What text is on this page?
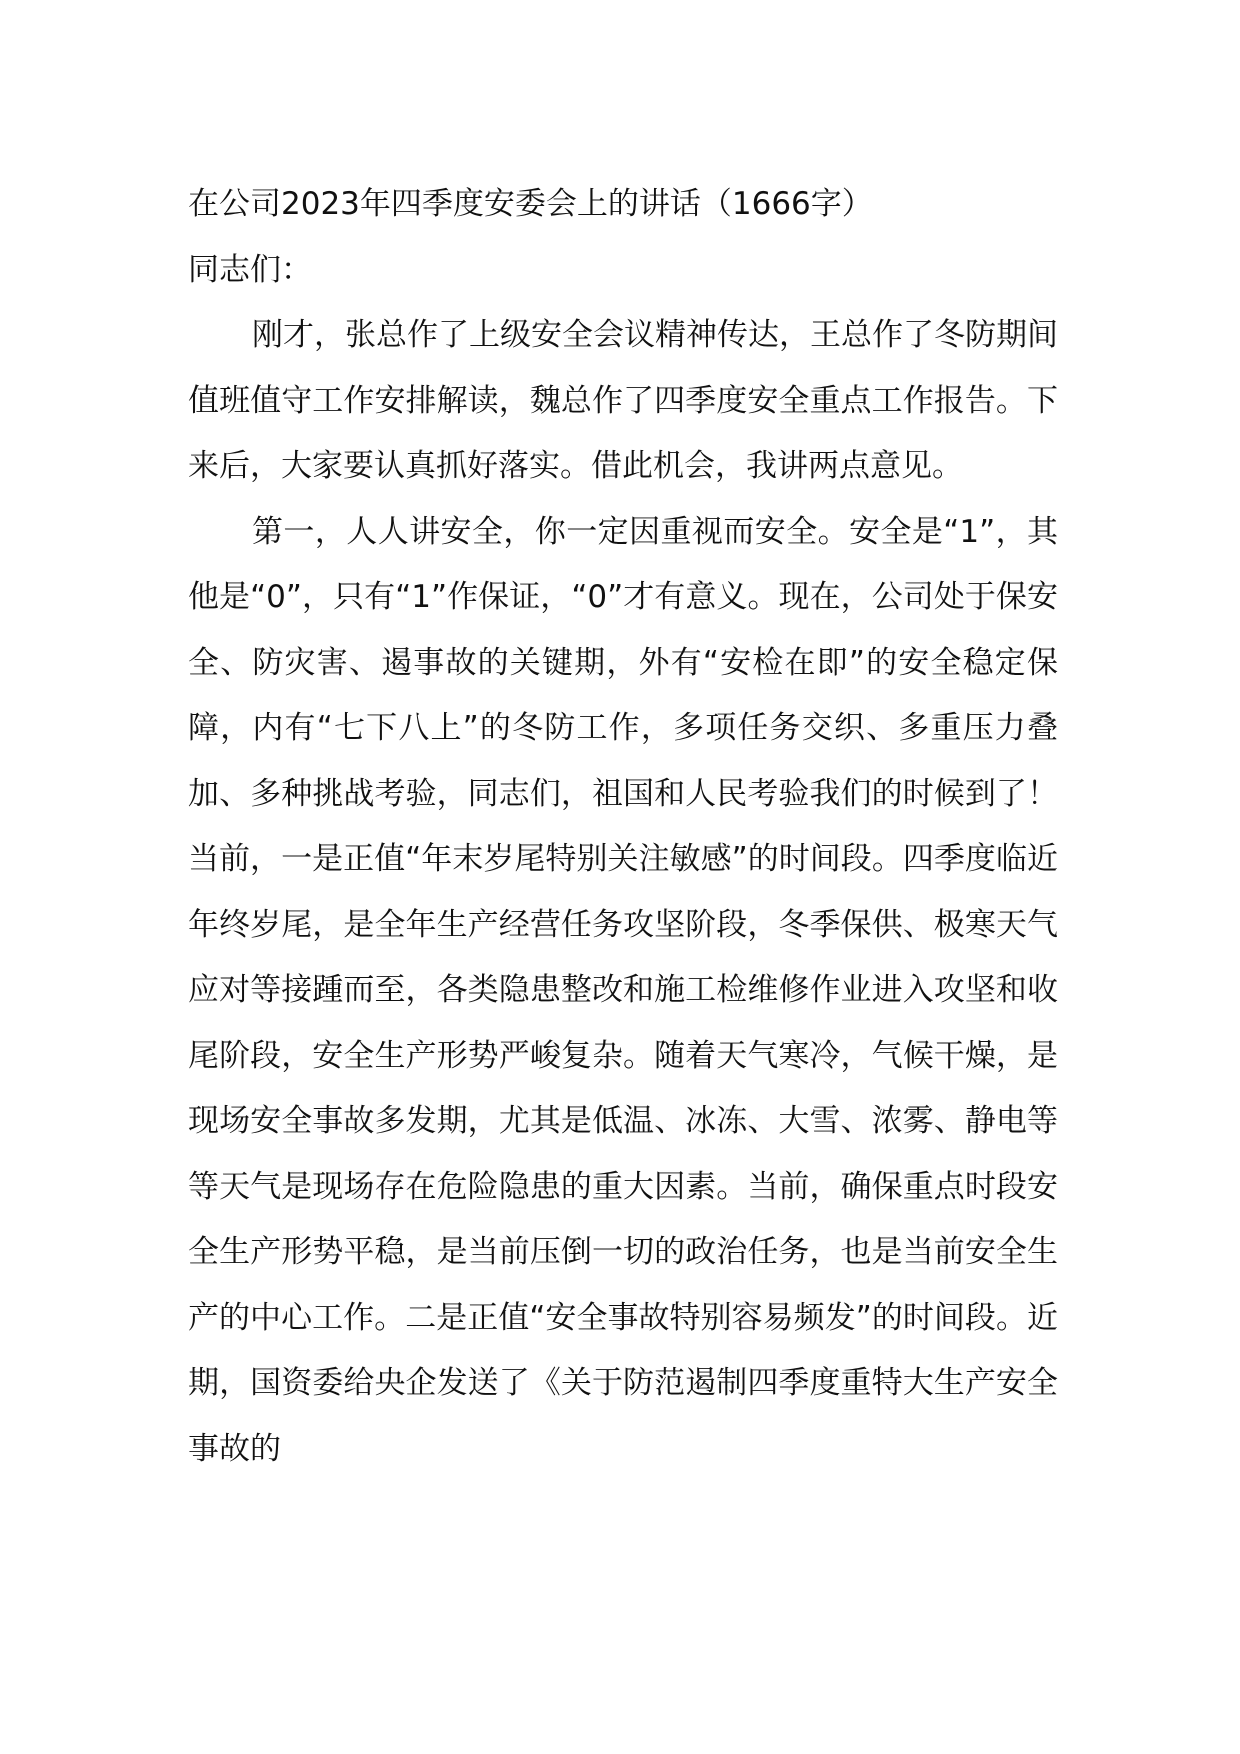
在公司2023年四季度安委会上的讲话（1666字）

同志们：

刚才，张总作了上级安全会议精神传达，王总作了冬防期间值班值守工作安排解读，魏总作了四季度安全重点工作报告。下来后，大家要认真抓好落实。借此机会，我讲两点意见。

第一，人人讲安全，你一定因重视而安全。安全是“1”，其他是“0”，只有“1”作保证，“0”才有意义。现在，公司处于保安全、防灾害、遏事故的关键期，外有“安检在即”的安全稳定保障，内有“七下八上”的冬防工作，多项任务交织、多重压力叠加、多种挑战考验，同志们，祖国和人民考验我们的时候到了！当前，一是正值“年末岁尾特别关注敏感”的时间段。四季度临近年终岁尾，是全年生产经营任务攻坚阶段，冬季保供、极寒天气应对等接踵而至，各类隐患整改和施工检维修作业进入攻坚和收尾阶段，安全生产形势严峻复杂。随着天气寒冷，气候干燥，是现场安全事故多发期，尤其是低温、冰冻、大雪、浓雾、静电等等天气是现场存在危险隐患的重大因素。当前，确保重点时段安全生产形势平稳，是当前压倒一切的政治任务，也是当前安全生产的中心工作。二是正值“安全事故特别容易频发”的时间段。近期，国资委给央企发送了《关于防范遏制四季度重特大生产安全事故的
